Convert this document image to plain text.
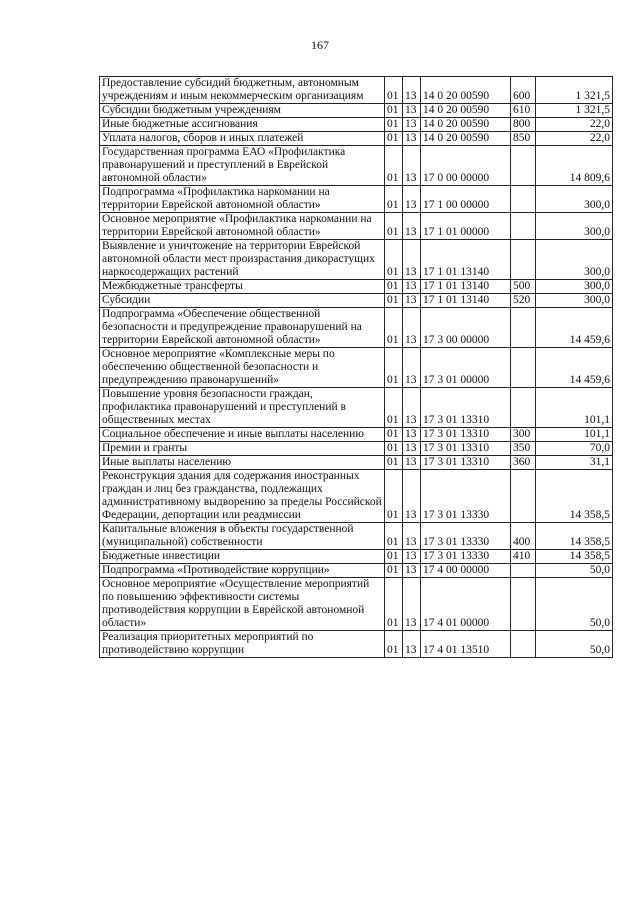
167
Предоставление субсидий бюджетным, автономным учреждениям и иным некоммерческим организациям	01	13	14 0 20 00590	600	1 321,5
Субсидии бюджетным учреждениям	01	13	14 0 20 00590	610	1 321,5
Иные бюджетные ассигнования	01	13	14 0 20 00590	800	22,0
Уплата налогов, сборов и иных платежей	01	13	14 0 20 00590	850	22,0
Государственная программа ЕАО «Профилактика правонарушений и преступлений в Еврейской автономной области»	01	13	17 0 00 00000		14 809,6
Подпрограмма «Профилактика наркомании на территории Еврейской автономной области»	01	13	17 1 00 00000		300,0
Основное мероприятие «Профилактика наркомании на территории Еврейской автономной области»	01	13	17 1 01 00000		300,0
Выявление и уничтожение на территории Еврейской автономной области мест произрастания дикорастущих наркосодержащих растений	01	13	17 1 01 13140		300,0
Межбюджетные трансферты	01	13	17 1 01 13140	500	300,0
Субсидии	01	13	17 1 01 13140	520	300,0
Подпрограмма «Обеспечение общественной безопасности и предупреждение правонарушений на территории Еврейской автономной области»	01	13	17 3 00 00000		14 459,6
Основное мероприятие «Комплексные меры по обеспечению общественной безопасности и предупреждению правонарушений»	01	13	17 3 01 00000		14 459,6
Повышение уровня безопасности граждан, профилактика правонарушений и преступлений в общественных местах	01	13	17 3 01 13310		101,1
Социальное обеспечение и иные выплаты населению	01	13	17 3 01 13310	300	101,1
Премии и гранты	01	13	17 3 01 13310	350	70,0
Иные выплаты населению	01	13	17 3 01 13310	360	31,1
Реконструкция здания для содержания иностранных граждан и лиц без гражданства, подлежащих административному выдворению за пределы Российской Федерации, депортации или реадмиссии	01	13	17 3 01 13330		14 358,5
Капитальные вложения в объекты государственной (муниципальной) собственности	01	13	17 3 01 13330	400	14 358,5
Бюджетные инвестиции	01	13	17 3 01 13330	410	14 358,5
Подпрограмма «Противодействие коррупции»	01	13	17 4 00 00000		50,0
Основное мероприятие «Осуществление мероприятий по повышению эффективности системы противодействия коррупции в Еврейской автономной области»	01	13	17 4 01 00000		50,0
Реализация приоритетных мероприятий по противодействию коррупции	01	13	17 4 01 13510		50,0
